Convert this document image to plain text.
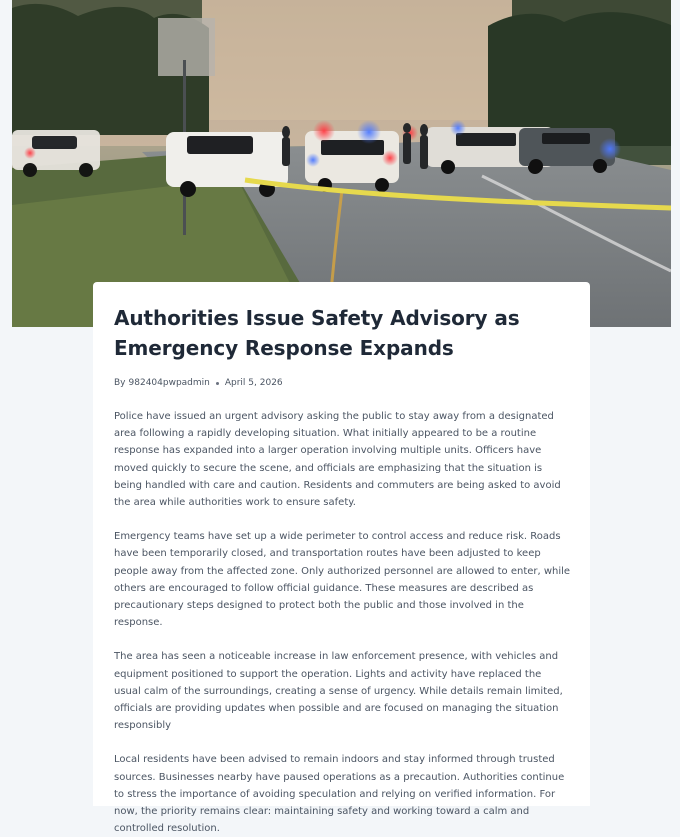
Authorities Issue Safety Advisory as Emergency Response Expands
By 982404pwpadmin April 5, 2026

Police have issued an urgent advisory asking the public to stay away from a designated area following a rapidly developing situation. What initially appeared to be a routine response has expanded into a larger operation involving multiple units. Officers have moved quickly to secure the scene, and officials are emphasizing that the situation is being handled with care and caution. Residents and commuters are being asked to avoid the area while authorities work to ensure safety.

Emergency teams have set up a wide perimeter to control access and reduce risk. Roads have been temporarily closed, and transportation routes have been adjusted to keep people away from the affected zone. Only authorized personnel are allowed to enter, while others are encouraged to follow official guidance. These measures are described as precautionary steps designed to protect both the public and those involved in the response.

The area has seen a noticeable increase in law enforcement presence, with vehicles and equipment positioned to support the operation. Lights and activity have replaced the usual calm of the surroundings, creating a sense of urgency. While details remain limited, officials are providing updates when possible and are focused on managing the situation responsibly

Local residents have been advised to remain indoors and stay informed through trusted sources. Businesses nearby have paused operations as a precaution. Authorities continue to stress the importance of avoiding speculation and relying on verified information. For now, the priority remains clear: maintaining safety and working toward a calm and controlled resolution.
